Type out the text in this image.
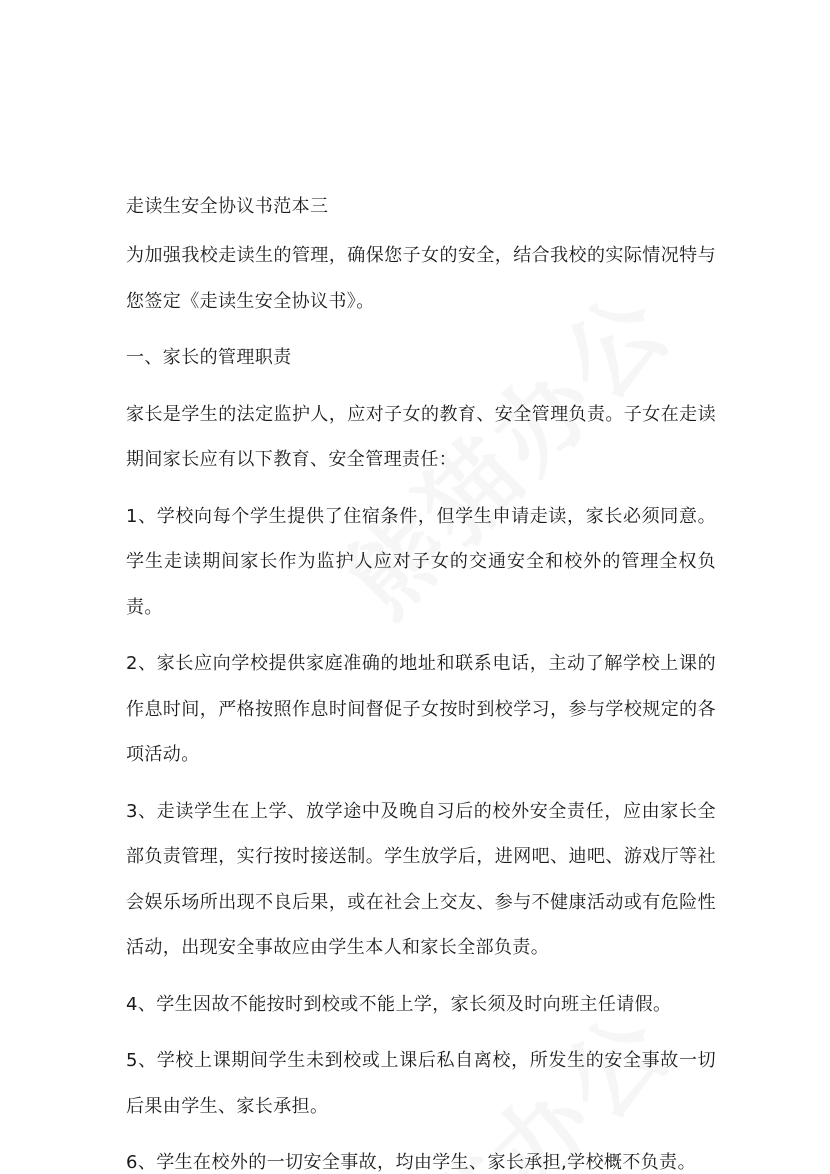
走读生安全协议书范本三

为加强我校走读生的管理，确保您子女的安全，结合我校的实际情况特与您签定《走读生安全协议书》。

一、家长的管理职责

家长是学生的法定监护人，应对子女的教育、安全管理负责。子女在走读期间家长应有以下教育、安全管理责任：

1、学校向每个学生提供了住宿条件，但学生申请走读，家长必须同意。学生走读期间家长作为监护人应对子女的交通安全和校外的管理全权负责。

2、家长应向学校提供家庭准确的地址和联系电话，主动了解学校上课的作息时间，严格按照作息时间督促子女按时到校学习，参与学校规定的各项活动。

3、走读学生在上学、放学途中及晚自习后的校外安全责任，应由家长全部负责管理，实行按时接送制。学生放学后，进网吧、迪吧、游戏厅等社会娱乐场所出现不良后果，或在社会上交友、参与不健康活动或有危险性活动，出现安全事故应由学生本人和家长全部负责。

4、学生因故不能按时到校或不能上学，家长须及时向班主任请假。

5、学校上课期间学生未到校或上课后私自离校，所发生的安全事故一切后果由学生、家长承担。

6、学生在校外的一切安全事故，均由学生、家长承担,学校概不负责。
